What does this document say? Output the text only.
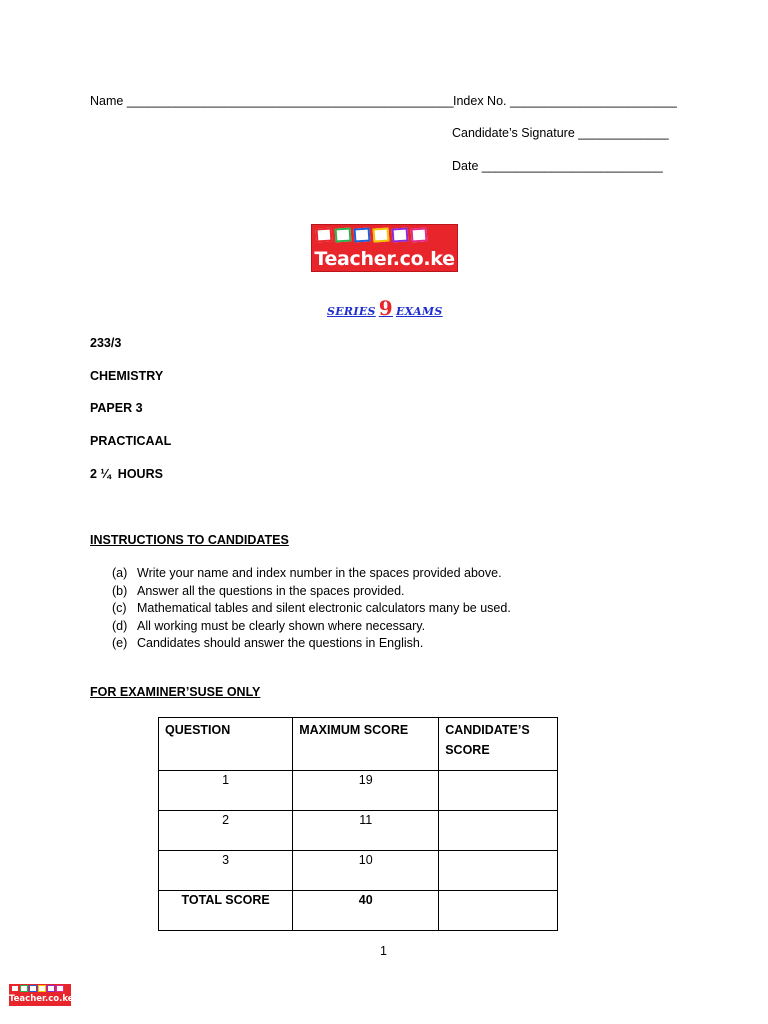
Name _______________________________________________ Index No. ________________________
Candidate’s Signature _____________
Date __________________________
Teacher.co.ke
SERIES 9 EXAMS
233/3
CHEMISTRY
PAPER 3
PRACTICAAL
2 ¼  HOURS
INSTRUCTIONS TO CANDIDATES
(a) Write your name and index number in the spaces provided above.
(b) Answer all the questions in the spaces provided.
(c) Mathematical tables and silent electronic calculators many be used.
(d) All working must be clearly shown where necessary.
(e) Candidates should answer the questions in English.
FOR EXAMINER’SUSE ONLY
QUESTION	MAXIMUM SCORE	CANDIDATE’S SCORE

1	19	

2	11	

3	10	

TOTAL SCORE	40	

1
Teacher.co.ke
